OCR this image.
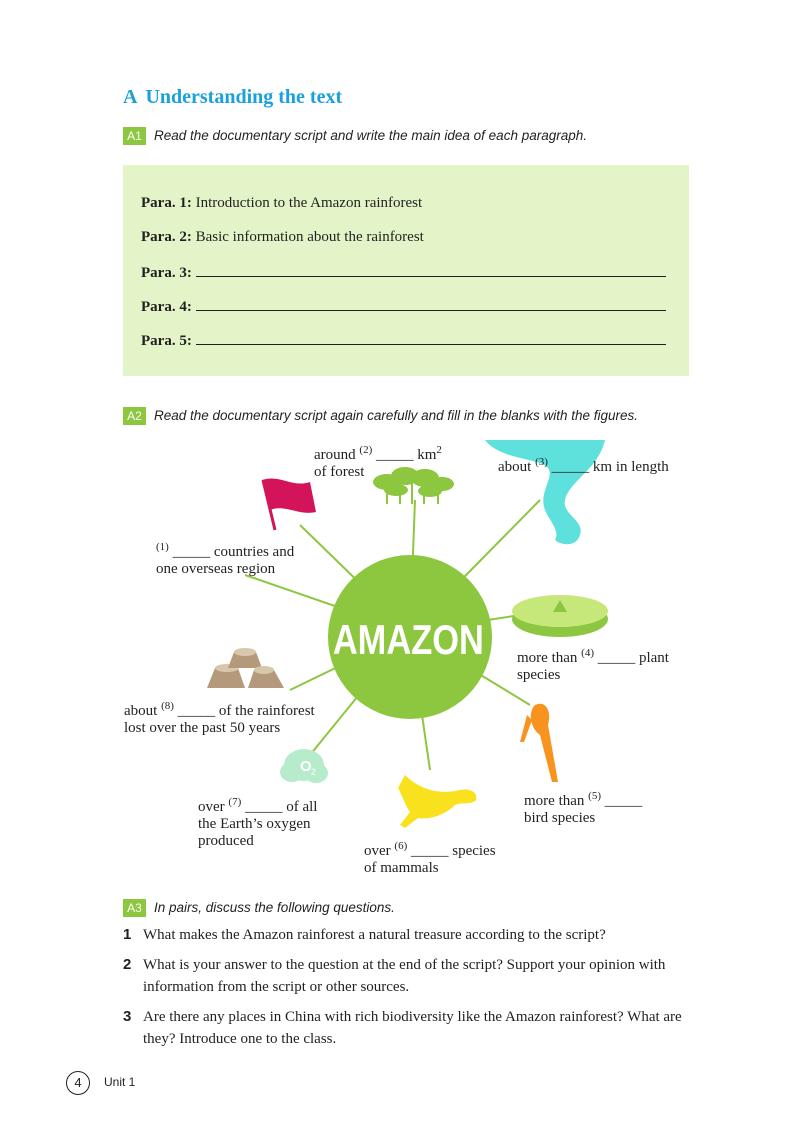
A Understanding the text
A1 Read the documentary script and write the main idea of each paragraph.
Para. 1: Introduction to the Amazon rainforest
Para. 2: Basic information about the rainforest
Para. 3:
Para. 4:
Para. 5:
A2 Read the documentary script again carefully and fill in the blanks with the figures.
AMAZON
O 2
around $^{(2)}$ _____ $km^2$
of forest	about $^{(3)}$ _____ km in length
$^{(1)}$ _____ countries and
one overseas region
more than $^{(4)}$ _____ plant
species
about $^{(8)}$ _____ of the rainforest
lost over the past 50 years
more than $^{(5)}$ _____
bird species
over $^{(7)}$ _____ of all
the Earth’s oxygen
produced
over $^{(6)}$ _____ species
of mammals
A3 In pairs, discuss the following questions.
1 What makes the Amazon rainforest a natural treasure according to the script?
2 What is your answer to the question at the end of the script? Support your opinion with information from the script or other sources.
3 Are there any places in China with rich biodiversity like the Amazon rainforest? What are they? Introduce one to the class.
4	Unit 1
